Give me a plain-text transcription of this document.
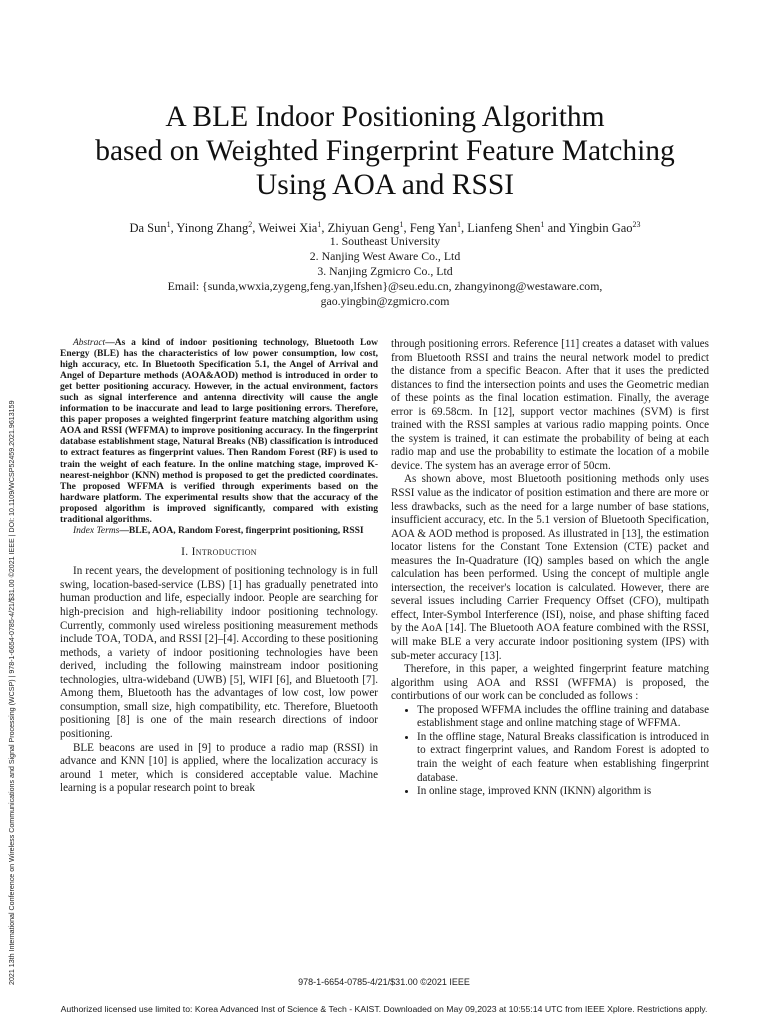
2021 13th International Conference on Wireless Communications and Signal Processing (WCSP) | 978-1-6654-0785-4/21/$31.00 ©2021 IEEE | DOI: 10.1109/WCSP52459.2021.9613159
A BLE Indoor Positioning Algorithm
based on Weighted Fingerprint Feature Matching
Using AOA and RSSI
Da Sun$^1$, Yinong Zhang$^2$, Weiwei Xia$^1$, Zhiyuan Geng$^1$, Feng Yan$^1$, Lianfeng Shen$^1$ and Yingbin Gao$^{23}$
1. Southeast University
2. Nanjing West Aware Co., Ltd
3. Nanjing Zgmicro Co., Ltd
Email: {sunda,wwxia,zygeng,feng.yan,lfshen}@seu.edu.cn, zhangyinong@westaware.com,
gao.yingbin@zgmicro.com
Abstract—As a kind of indoor positioning technology, Bluetooth Low Energy (BLE) has the characteristics of low power consumption, low cost, high accuracy, etc. In Bluetooth Specification 5.1, the Angel of Arrival and Angel of Departure methods (AOA&AOD) method is introduced in order to get better positioning accuracy. However, in the actual environment, factors such as signal interference and antenna directivity will cause the angle information to be inaccurate and lead to large positioning errors. Therefore, this paper proposes a weighted fingerprint feature matching algorithm using AOA and RSSI (WFFMA) to improve positioning accuracy. In the fingerprint database establishment stage, Natural Breaks (NB) classification is introduced to extract features as fingerprint values. Then Random Forest (RF) is used to train the weight of each feature. In the online matching stage, improved K-nearest-neighbor (KNN) method is proposed to get the predicted coordinates. The proposed WFFMA is verified through experiments based on the hardware platform. The experimental results show that the accuracy of the proposed algorithm is improved significantly, compared with existing traditional algorithms.
Index Terms—BLE, AOA, Random Forest, fingerprint positioning, RSSI
I. Introduction

In recent years, the development of positioning technology is in full swing, location-based-service (LBS) [1] has gradually penetrated into human production and life, especially indoor. People are searching for high-precision and high-reliability indoor positioning technology. Currently, commonly used wireless positioning measurement methods include TOA, TODA, and RSSI [2]–[4]. According to these positioning methods, a variety of indoor positioning technologies have been derived, including the following mainstream indoor positioning technologies, ultra-wideband (UWB) [5], WIFI [6], and Bluetooth [7]. Among them, Bluetooth has the advantages of low cost, low power consumption, small size, high compatibility, etc. Therefore, Bluetooth positioning [8] is one of the main research directions of indoor positioning.

BLE beacons are used in [9] to produce a radio map (RSSI) in advance and KNN [10] is applied, where the localization accuracy is around 1 meter, which is considered acceptable value. Machine learning is a popular research point to break

through positioning errors. Reference [11] creates a dataset with values from Bluetooth RSSI and trains the neural network model to predict the distance from a specific Beacon. After that it uses the predicted distances to find the intersection points and uses the Geometric median of these points as the final location estimation. Finally, the average error is 69.58cm. In [12], support vector machines (SVM) is first trained with the RSSI samples at various radio mapping points. Once the system is trained, it can estimate the probability of being at each radio map and use the probability to estimate the location of a mobile device. The system has an average error of 50cm.

As shown above, most Bluetooth positioning methods only uses RSSI value as the indicator of position estimation and there are more or less drawbacks, such as the need for a large number of base stations, insufficient accuracy, etc. In the 5.1 version of Bluetooth Specification, AOA & AOD method is proposed. As illustrated in [13], the estimation locator listens for the Constant Tone Extension (CTE) packet and measures the In-Quadrature (IQ) samples based on which the angle calculation has been performed. Using the concept of multiple angle intersection, the receiver's location is calculated. However, there are several issues including Carrier Frequency Offset (CFO), multipath effect, Inter-Symbol Interference (ISI), noise, and phase shifting faced by the AoA [14]. The Bluetooth AOA feature combined with the RSSI, will make BLE a very accurate indoor positioning system (IPS) with sub-meter accuracy [13].

Therefore, in this paper, a weighted fingerprint feature matching algorithm using AOA and RSSI (WFFMA) is proposed, the contirbutions of our work can be concluded as follows :

• The proposed WFFMA includes the offline training and database establishment stage and online matching stage of WFFMA.
• In the offline stage, Natural Breaks classification is introduced in to extract fingerprint values, and Random Forest is adopted to train the weight of each feature when establishing fingerprint database.
• In online stage, improved KNN (IKNN) algorithm is
978-1-6654-0785-4/21/$31.00 ©2021 IEEE
Authorized licensed use limited to: Korea Advanced Inst of Science & Tech - KAIST. Downloaded on May 09,2023 at 10:55:14 UTC from IEEE Xplore. Restrictions apply.
